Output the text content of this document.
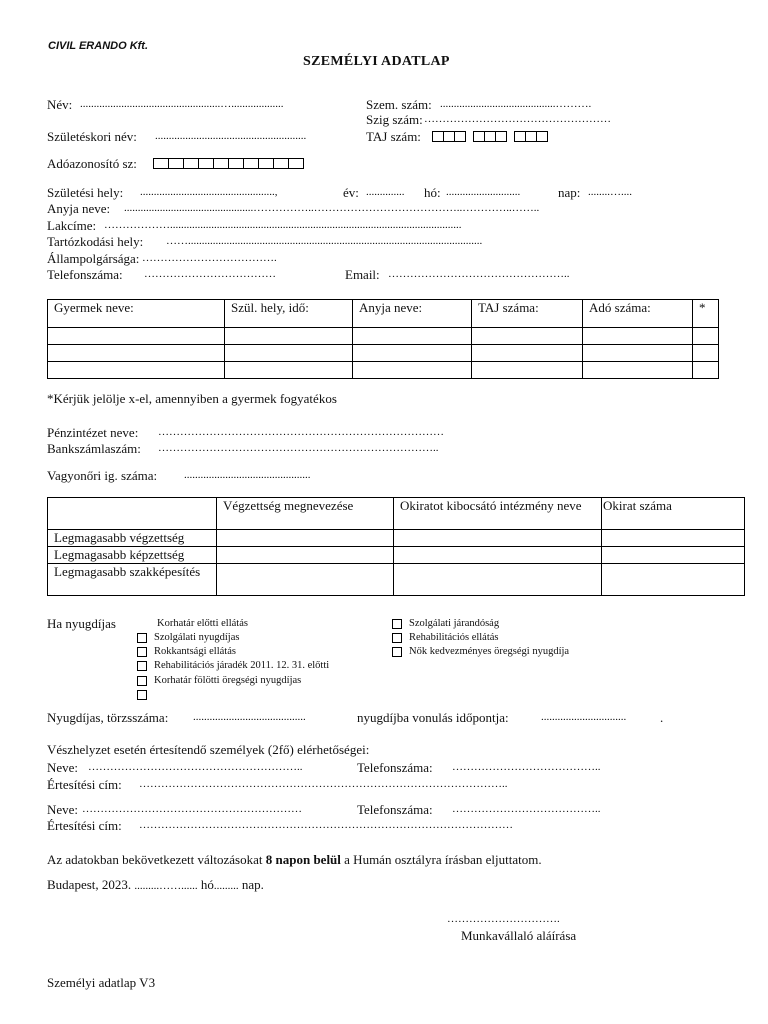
CIVIL ERANDO Kft.
SZEMÉLYI ADATLAP
Név: ...................................................…...................	Szem. szám: ..........................................……….
Szig szám: ……………………………………………
Születéskori név: .......................................................	TAJ szám:
Adóazonosító sz:
Születési hely: .................................................,	év: .............. hó: ...........................	nap: ........…....
Anyja neve: ...............................................……………..…………………………………..…………..……..
Lakcíme: ………………..........................................................................................................
Tartózkodási hely: ……...........................................................................................................
Állampolgársága: ……………………………….
Telefonszáma: ………………………………	Email: …………………………………………..
Gyermek neve:	Szül. hely, idő:	Anyja neve:	TAJ száma:	Adó száma:	*

*Kérjük jelölje x-el, amennyiben a gyermek fogyatékos
Pénzintézet neve: ……………………………………………………………………
Bankszámlaszám: …………………………………………………………………..
Vagyonőri ig. száma: ..............................................
	Végzettség megnevezése	Okiratot kibocsátó intézmény neve	Okirat száma
Legmagasabb végzettség			
Legmagasabb képzettség			
Legmagasabb szakképesítés			
Ha nyugdíjas	Korhatár előtti ellátás
Szolgálati nyugdíjas
Rokkantsági ellátás
Rehabilitációs járadék 2011. 12. 31. előtti
Korhatár fölötti öregségi nyugdíjas
Szolgálati járandóság
Rehabilitációs ellátás
Nők kedvezményes öregségi nyugdíja
Nyugdíjas, törzsszáma: .........................................	nyugdíjba vonulás időpontja:	...............................	.
Vészhelyzet esetén értesítendő személyek (2fő) elérhetőségei:
Neve: …………………………………………………..	Telefonszáma: …………………………………..
Értesítési cím: ………………………………………………………………………………………..
Neve: ……………………………………………………	Telefonszáma: …………………………………..
Értesítési cím: …………………………………………………………………………………………
Az adatokban bekövetkezett változásokat 8 napon belül a Humán osztályra írásban eljuttatom.
Budapest, 2023. .........……...... hó......... nap.
………………………….
Munkavállaló aláírása
Személyi adatlap V3
